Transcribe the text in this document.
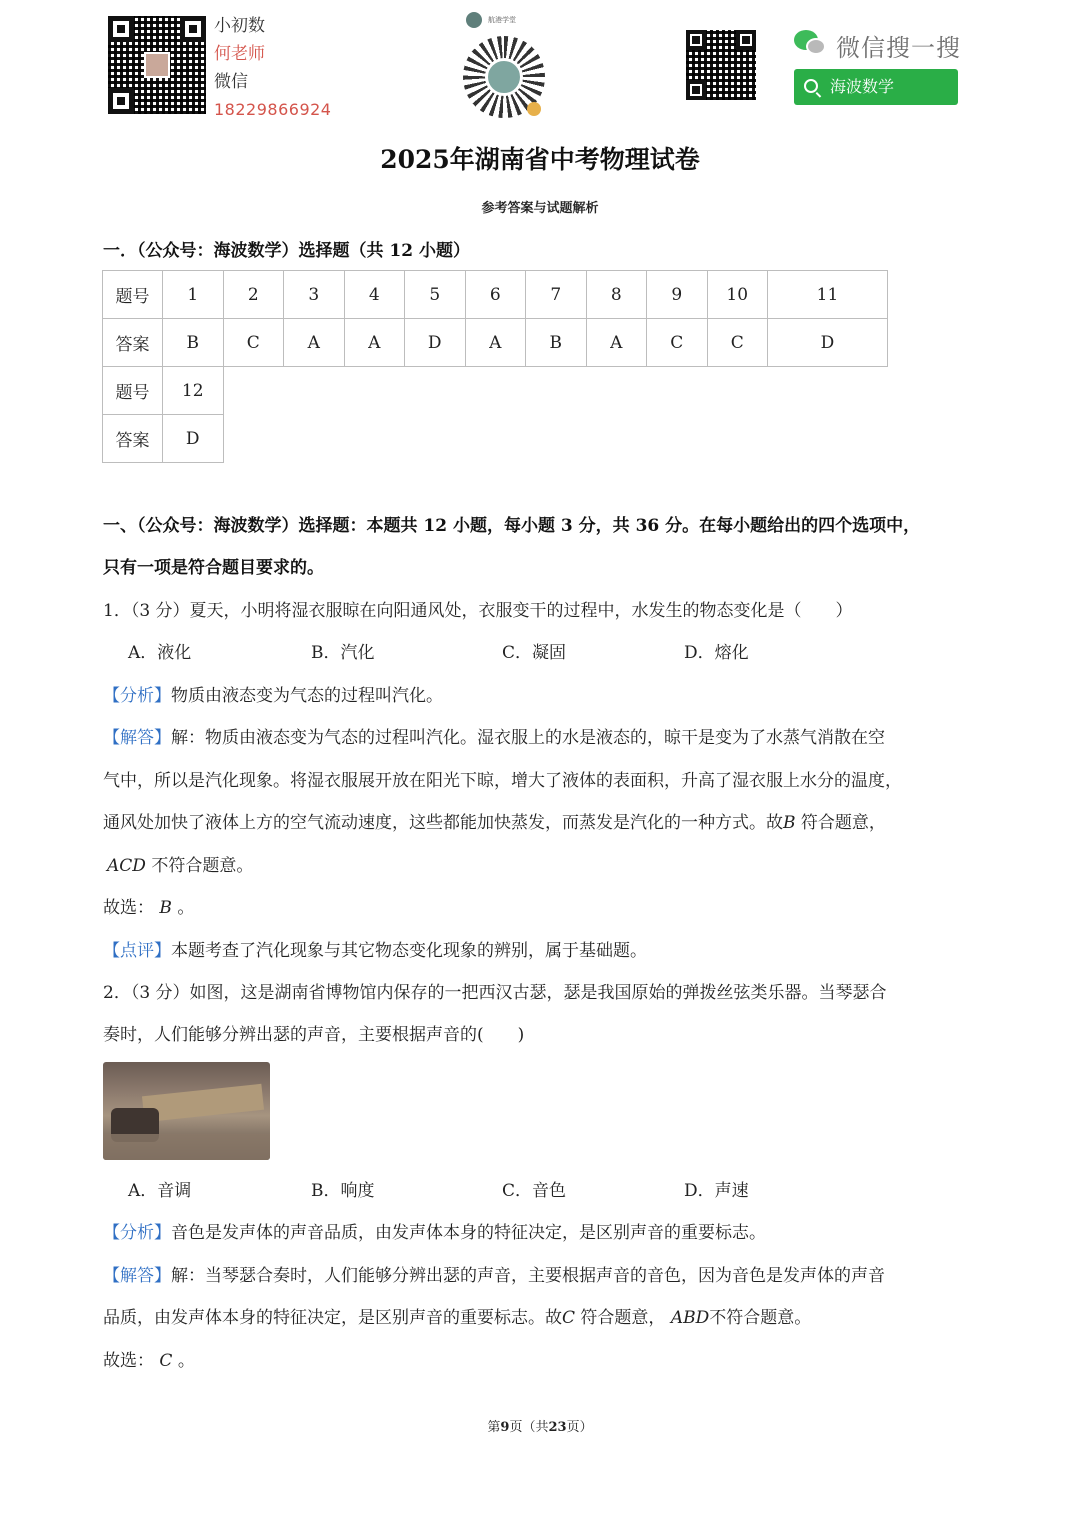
小初数
何老师
微信
18229866924
航港学堂
微信搜一搜
海波数学
2025年湖南省中考物理试卷
参考答案与试题解析
一．（公众号：海波数学）选择题（共 12 小题）
题号	1	2	3	4	5	6	7	8	9	10	11
答案	B	C	A	A	D	A	B	A	C	C	D
题号	12										
答案	D										
一、（公众号：海波数学）选择题：本题共 12 小题，每小题 3 分，共 36 分。在每小题给出的四个选项中，
只有一项是符合题目要求的。
1．（3 分）夏天，小明将湿衣服晾在向阳通风处，衣服变干的过程中，水发生的物态变化是（　　）
A．液化	B．汽化	C．凝固	D．熔化
【分析】物质由液态变为气态的过程叫汽化。
【解答】解：物质由液态变为气态的过程叫汽化。湿衣服上的水是液态的，晾干是变为了水蒸气消散在空
气中，所以是汽化现象。将湿衣服展开放在阳光下晾，增大了液体的表面积，升高了湿衣服上水分的温度，
通风处加快了液体上方的空气流动速度，这些都能加快蒸发，而蒸发是汽化的一种方式。故B 符合题意，
ACD 不符合题意。
故选： B 。
【点评】本题考查了汽化现象与其它物态变化现象的辨别，属于基础题。
2．（3 分）如图，这是湖南省博物馆内保存的一把西汉古瑟，瑟是我国原始的弹拨丝弦类乐器。当琴瑟合
奏时，人们能够分辨出瑟的声音，主要根据声音的(　　)
A．音调	B．响度	C．音色	D．声速
【分析】音色是发声体的声音品质，由发声体本身的特征决定，是区别声音的重要标志。
【解答】解：当琴瑟合奏时，人们能够分辨出瑟的声音，主要根据声音的音色，因为音色是发声体的声音
品质，由发声体本身的特征决定，是区别声音的重要标志。故C 符合题意， ABD不符合题意。
故选： C 。
第9页（共23页）
